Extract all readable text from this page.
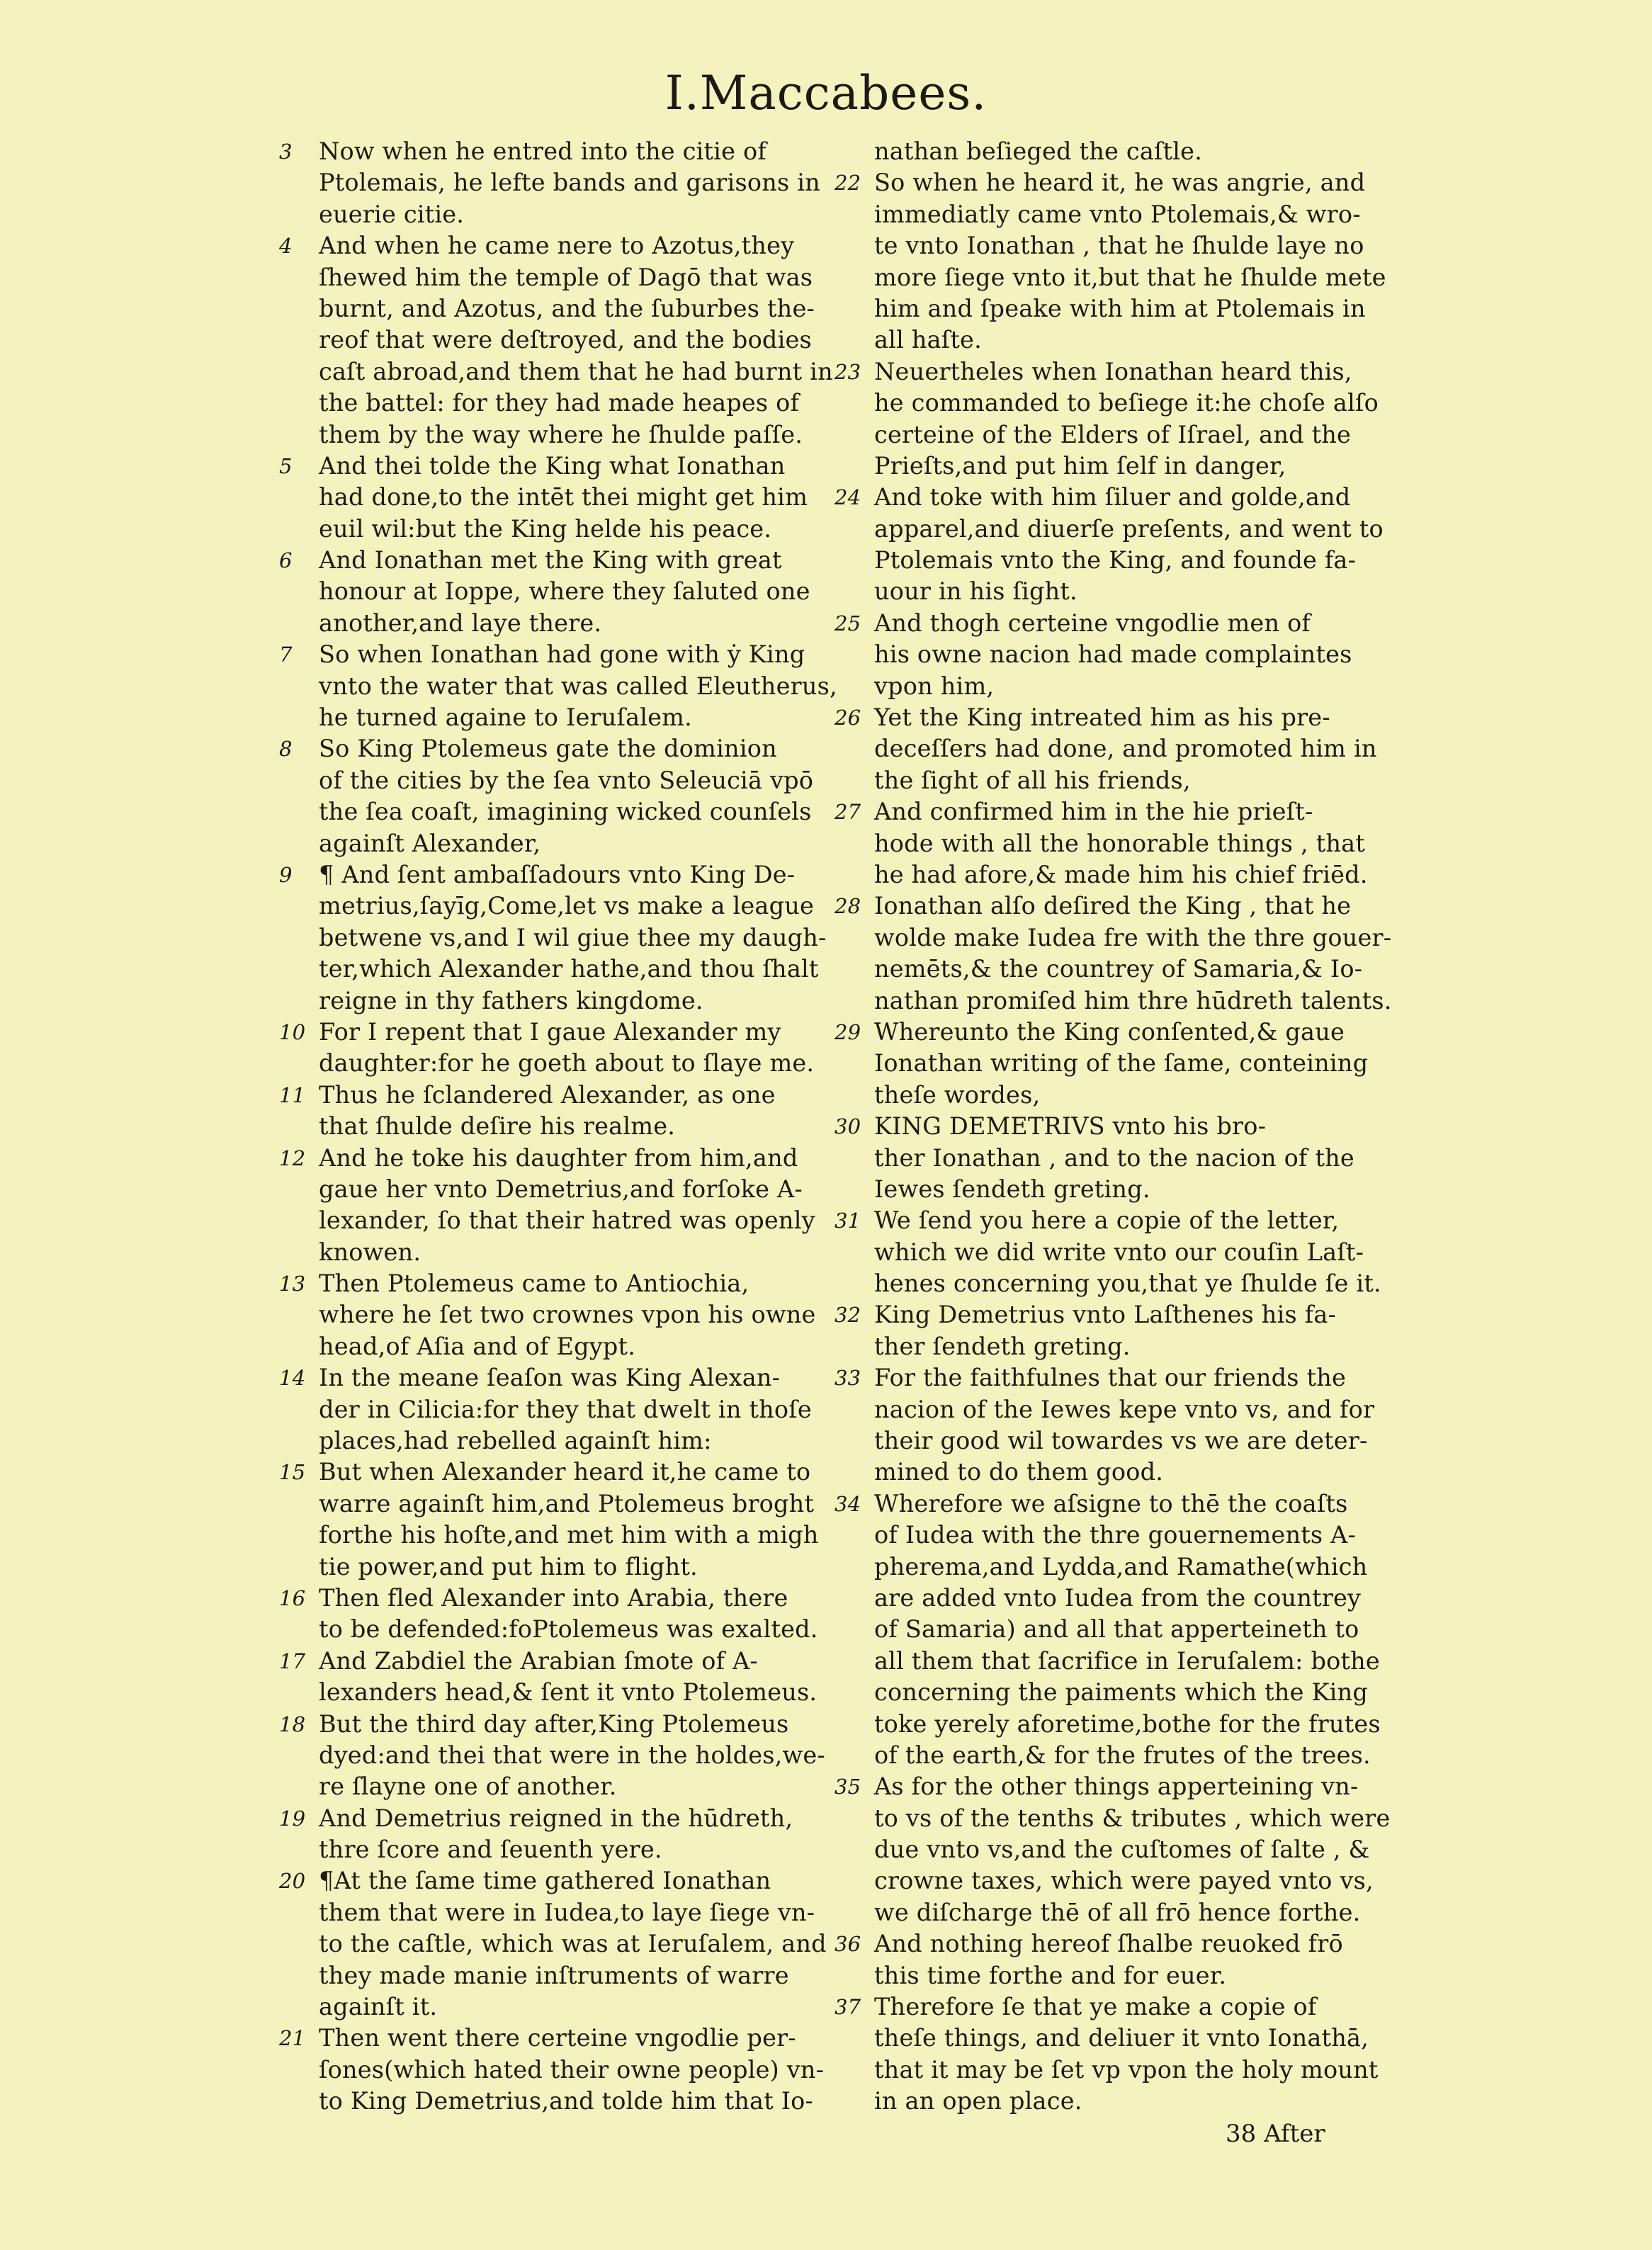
I.Maccabees.
3	Now when he entred into the citie of
Ptolemais, he lefte bands and garisons in
euerie citie.
4	And when he came nere to Azotus,they
ſhewed him the temple of Dagō that was
burnt, and Azotus, and the ſuburbes the-
reof that were deſtroyed, and the bodies
caſt abroad,and them that he had burnt in
the battel: for they had made heapes of
them by the way where he ſhulde paſſe.
5	And thei tolde the King what Ionathan
had done,to the intēt thei might get him
euil wil:but the King helde his peace.
6	And Ionathan met the King with great
honour at Ioppe, where they ſaluted one
another,and laye there.
7	So when Ionathan had gone with ẏ King
vnto the water that was called Eleutherus,
he turned againe to Ieruſalem.
8	So King Ptolemeus gate the dominion
of the cities by the ſea vnto Seleuciā vpō
the ſea coaſt, imagining wicked counſels
againſt Alexander,
9	¶ And ſent ambaſſadours vnto King De-
metrius,ſayīg,Come,let vs make a league
betwene vs,and I wil giue thee my daugh-
ter,which Alexander hathe,and thou ſhalt
reigne in thy fathers kingdome.
10 For I repent that I gaue Alexander my
daughter:for he goeth about to ſlaye me.
11 Thus he ſclandered Alexander, as one
that ſhulde deſire his realme.
12 And he toke his daughter from him,and
gaue her vnto Demetrius,and forſoke A-
lexander, ſo that their hatred was openly
knowen.
13 Then Ptolemeus came to Antiochia,
where he ſet two crownes vpon his owne
head,of Aſia and of Egypt.
14 In the meane ſeaſon was King Alexan-
der in Cilicia:for they that dwelt in thoſe
places,had rebelled againſt him:
15 But when Alexander heard it,he came to
warre againſt him,and Ptolemeus broght
forthe his hoſte,and met him with a migh
tie power,and put him to flight.
16 Then fled Alexander into Arabia, there
to be defended:foPtolemeus was exalted.
17 And Zabdiel the Arabian ſmote of A-
lexanders head,& ſent it vnto Ptolemeus.
18 But the third day after,King Ptolemeus
dyed:and thei that were in the holdes,we-
re ſlayne one of another.
19 And Demetrius reigned in the hūdreth,
thre ſcore and ſeuenth yere.
20 ¶At the ſame time gathered Ionathan
them that were in Iudea,to laye ſiege vn-
to the caſtle, which was at Ieruſalem, and
they made manie inſtruments of warre
againſt it.
21 Then went there certeine vngodlie per-
ſones(which hated their owne people) vn-
to King Demetrius,and tolde him that Io-
nathan beſieged the caſtle.
22 So when he heard it, he was angrie, and
immediatly came vnto Ptolemais,& wro-
te vnto Ionathan , that he ſhulde laye no
more ſiege vnto it,but that he ſhulde mete
him and ſpeake with him at Ptolemais in
all haſte.
23 Neuertheles when Ionathan heard this,
he commanded to beſiege it:he choſe alſo
certeine of the Elders of Iſrael, and the
Prieſts,and put him ſelf in danger,
24 And toke with him ſiluer and golde,and
apparel,and diuerſe preſents, and went to
Ptolemais vnto the King, and founde fa-
uour in his ſight.
25 And thogh certeine vngodlie men of
his owne nacion had made complaintes
vpon him,
26 Yet the King intreated him as his pre-
deceſſers had done, and promoted him in
the ſight of all his friends,
27 And confirmed him in the hie prieſt-
hode with all the honorable things , that
he had afore,& made him his chief friēd.
28 Ionathan alſo deſired the King , that he
wolde make Iudea fre with the thre gouer-
nemēts,& the countrey of Samaria,& Io-
nathan promiſed him thre hūdreth talents.
29 Whereunto the King conſented,& gaue
Ionathan writing of the ſame, conteining
theſe wordes,
30 KING DEMETRIVS vnto his bro-
ther Ionathan , and to the nacion of the
Iewes ſendeth greting.
31 We ſend you here a copie of the letter,
which we did write vnto our couſin Laſt-
henes concerning you,that ye ſhulde ſe it.
32 King Demetrius vnto Laſthenes his fa-
ther ſendeth greting.
33 For the faithfulnes that our friends the
nacion of the Iewes kepe vnto vs, and for
their good wil towardes vs we are deter-
mined to do them good.
34 Wherefore we aſsigne to thē the coaſts
of Iudea with the thre gouernements A-
pherema,and Lydda,and Ramathe(which
are added vnto Iudea from the countrey
of Samaria) and all that apperteineth to
all them that ſacrifice in Ieruſalem: bothe
concerning the paiments which the King
toke yerely aforetime,bothe for the frutes
of the earth,& for the frutes of the trees.
35 As for the other things apperteining vn-
to vs of the tenths & tributes , which were
due vnto vs,and the cuſtomes of ſalte , &
crowne taxes, which were payed vnto vs,
we diſcharge thē of all frō hence forthe.
36 And nothing hereof ſhalbe reuoked frō
this time forthe and for euer.
37 Therefore ſe that ye make a copie of
theſe things, and deliuer it vnto Ionathā,
that it may be ſet vp vpon the holy mount
in an open place.
38 After
